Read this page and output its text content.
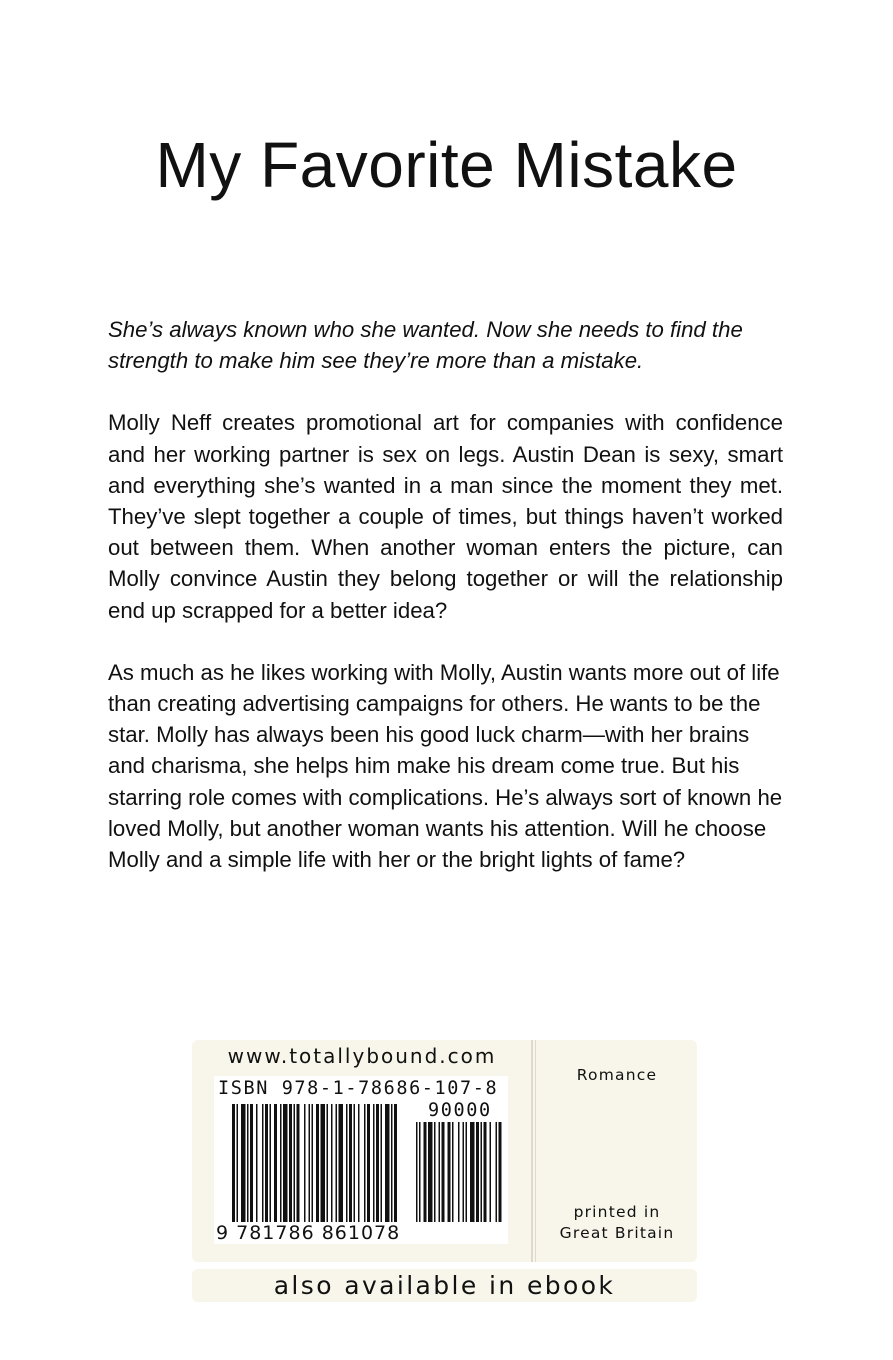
My Favorite Mistake

She’s always known who she wanted. Now she needs to find the strength to make him see they’re more than a mistake.

Molly Neff creates promotional art for companies with confidence and her working partner is sex on legs. Austin Dean is sexy, smart and everything she’s wanted in a man since the moment they met. They’ve slept together a couple of times, but things haven’t worked out between them. When another woman enters the picture, can Molly convince Austin they belong together or will the relationship end up scrapped for a better idea?

As much as he likes working with Molly, Austin wants more out of life than creating advertising campaigns for others. He wants to be the star. Molly has always been his good luck charm—with her brains and charisma, she helps him make his dream come true. But his starring role comes with complications. He’s always sort of known he loved Molly, but another woman wants his attention. Will he choose Molly and a simple life with her or the bright lights of fame?

www.totallybound.com
ISBN 978-1-78686-107-8
90000
9 781786 861078
Romance
printed in
Great Britain
also available in ebook
